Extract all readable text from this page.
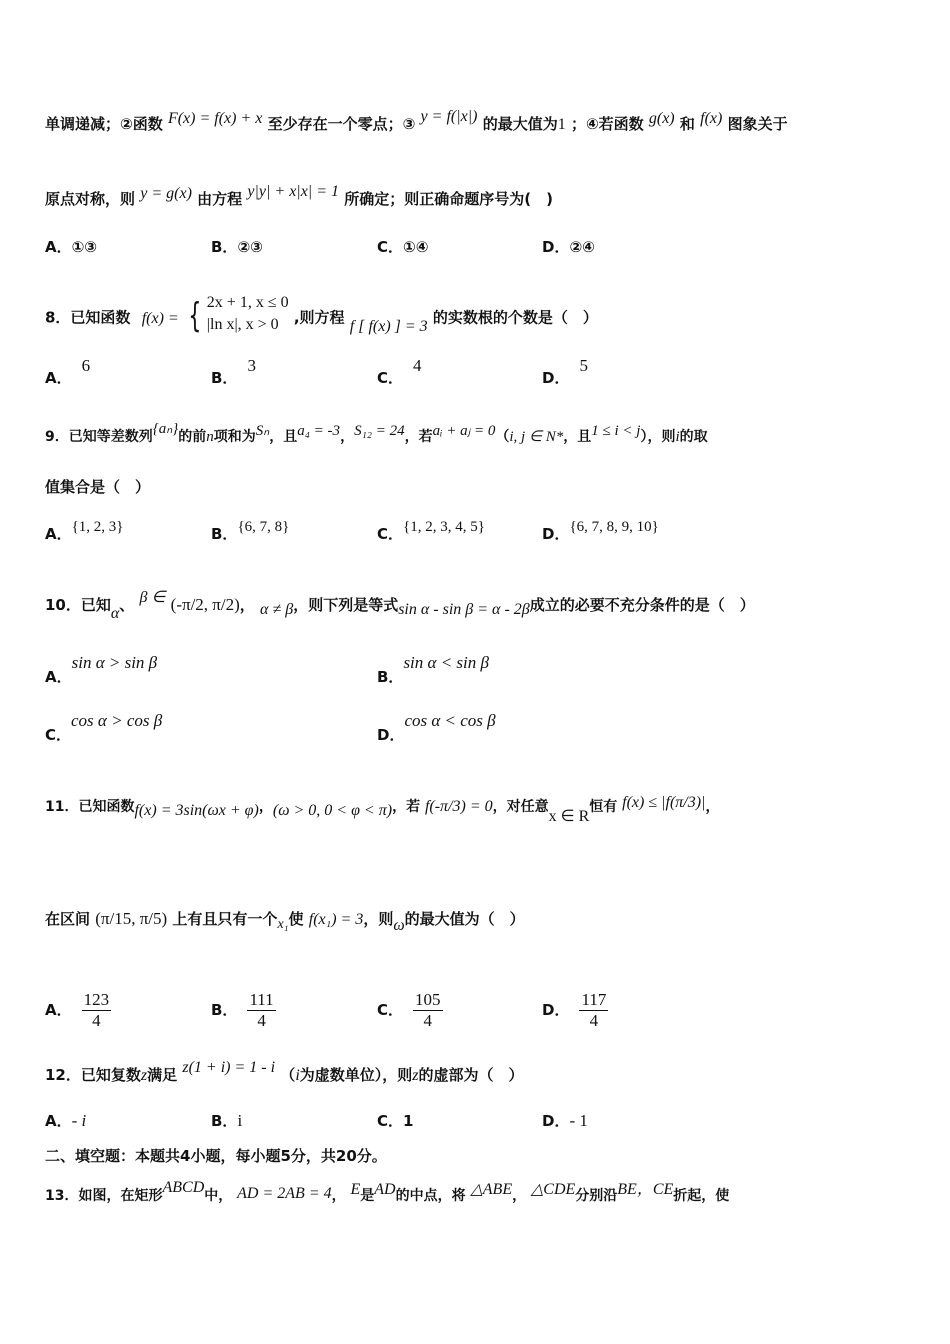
单调递减；②函数 F(x) = f(x) + x 至少存在一个零点；③ y = f(|x|) 的最大值为1 ；④若函数 g(x) 和 f(x) 图象关于
原点对称，则 y = g(x) 由方程 y|y| + x|x| = 1 所确定；则正确命题序号为(　)
A．①③	B．②③	C．①④	D．②④
8．已知函数 f(x) = { 2x + 1, x ≤ 0
|ln x|, x > 0	,则方程 f [ f(x) ] = 3 的实数根的个数是（　）
A．6
B．3
C．4
D．5
9．已知等差数列{aₙ}的前n项和为Sₙ，且a₄ = -3，S₁₂ = 24，若aᵢ + aⱼ = 0（i, j ∈ N*，且1 ≤ i < j），则i的取
值集合是（　）
A．{1, 2, 3}	B．{6, 7, 8}	C．{1, 2, 3, 4, 5}	D．{6, 7, 8, 9, 10}
10．已知α、 β ∈ (-π/2, π/2)， α ≠ β，则下列是等式sin α - sin β = α - 2β成立的必要不充分条件的是（　）
A．sin α > sin β
B．sin α < sin β
C．cos α > cos β
D．cos α < cos β
11．已知函数f(x) = 3sin(ωx + φ)，(ω > 0, 0 < φ < π)，若 f(-π/3) = 0，对任意x ∈ R恒有 f(x) ≤ |f(π/3)|，
在区间 (π/15, π/5) 上有且只有一个x₁使 f(x₁) = 3，则ω的最大值为（　）
A． $\frac{123}{4}$	B． $\frac{111}{4}$	C． $\frac{105}{4}$	D． $\frac{117}{4}$
12．已知复数z满足 z(1 + i) = 1 - i （i为虚数单位），则z的虚部为（　）
A．- i	B．i	C．1	D．- 1
二、填空题：本题共4小题，每小题5分，共20分。
13．如图，在矩形ABCD中， AD = 2AB = 4， E是AD的中点，将 △ABE， △CDE分别沿BE，CE折起，使
